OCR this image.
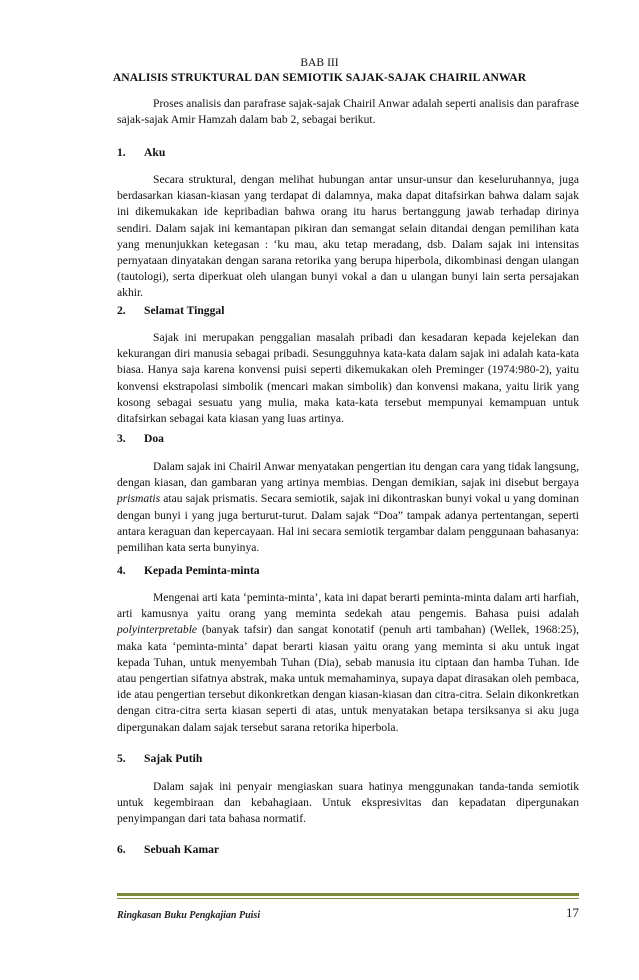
BAB III
ANALISIS STRUKTURAL DAN SEMIOTIK SAJAK-SAJAK CHAIRIL ANWAR

Proses analisis dan parafrase sajak-sajak Chairil Anwar adalah seperti analisis dan parafrase sajak-sajak Amir Hamzah dalam bab 2, sebagai berikut.

1. Aku

Secara struktural, dengan melihat hubungan antar unsur-unsur dan keseluruhannya, juga berdasarkan kiasan-kiasan yang terdapat di dalamnya, maka dapat ditafsirkan bahwa dalam sajak ini dikemukakan ide kepribadian bahwa orang itu harus bertanggung jawab terhadap dirinya sendiri. Dalam sajak ini kemantapan pikiran dan semangat selain ditandai dengan pemilihan kata yang menunjukkan ketegasan : ‘ku mau, aku tetap meradang, dsb. Dalam sajak ini intensitas pernyataan dinyatakan dengan sarana retorika yang berupa hiperbola, dikombinasi dengan ulangan (tautologi), serta diperkuat oleh ulangan bunyi vokal a dan u ulangan bunyi lain serta persajakan akhir.

2. Selamat Tinggal

Sajak ini merupakan penggalian masalah pribadi dan kesadaran kepada kejelekan dan kekurangan diri manusia sebagai pribadi. Sesungguhnya kata-kata dalam sajak ini adalah kata-kata biasa. Hanya saja karena konvensi puisi seperti dikemukakan oleh Preminger (1974:980-2), yaitu konvensi ekstrapolasi simbolik (mencari makan simbolik) dan konvensi makana, yaitu lirik yang kosong sebagai sesuatu yang mulia, maka kata-kata tersebut mempunyai kemampuan untuk ditafsirkan sebagai kata kiasan yang luas artinya.

3. Doa

Dalam sajak ini Chairil Anwar menyatakan pengertian itu dengan cara yang tidak langsung, dengan kiasan, dan gambaran yang artinya membias. Dengan demikian, sajak ini disebut bergaya prismatis atau sajak prismatis. Secara semiotik, sajak ini dikontraskan bunyi vokal u yang dominan dengan bunyi i yang juga berturut-turut. Dalam sajak “Doa” tampak adanya pertentangan, seperti antara keraguan dan kepercayaan. Hal ini secara semiotik tergambar dalam penggunaan bahasanya: pemilihan kata serta bunyinya.

4. Kepada Peminta-minta

Mengenai arti kata ‘peminta-minta’, kata ini dapat berarti peminta-minta dalam arti harfiah, arti kamusnya yaitu orang yang meminta sedekah atau pengemis. Bahasa puisi adalah polyinterpretable (banyak tafsir) dan sangat konotatif (penuh arti tambahan) (Wellek, 1968:25), maka kata ‘peminta-minta’ dapat berarti kiasan yaitu orang yang meminta si aku untuk ingat kepada Tuhan, untuk menyembah Tuhan (Dia), sebab manusia itu ciptaan dan hamba Tuhan. Ide atau pengertian sifatnya abstrak, maka untuk memahaminya, supaya dapat dirasakan oleh pembaca, ide atau pengertian tersebut dikonkretkan dengan kiasan-kiasan dan citra-citra. Selain dikonkretkan dengan citra-citra serta kiasan seperti di atas, untuk menyatakan betapa tersiksanya si aku juga dipergunakan dalam sajak tersebut sarana retorika hiperbola.

5. Sajak Putih

Dalam sajak ini penyair mengiaskan suara hatinya menggunakan tanda-tanda semiotik untuk kegembiraan dan kebahagiaan. Untuk ekspresivitas dan kepadatan dipergunakan penyimpangan dari tata bahasa normatif.

6. Sebuah Kamar
Ringkasan Buku Pengkajian Puisi	17
